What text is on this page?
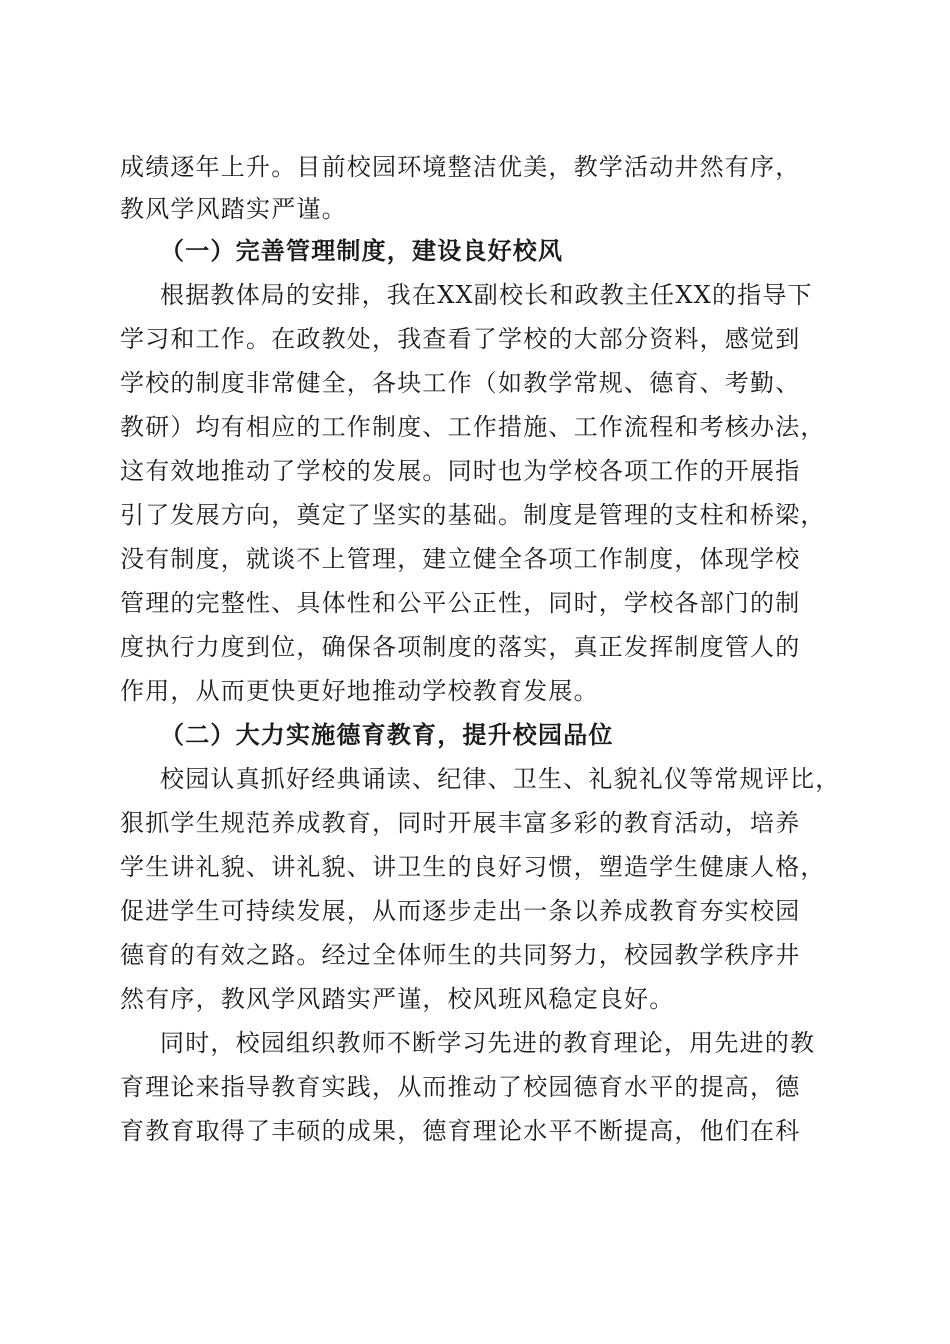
成绩逐年上升。目前校园环境整洁优美，教学活动井然有序，
教风学风踏实严谨。
（一）完善管理制度，建设良好校风
根据教体局的安排，我在XX副校长和政教主任XX的指导下
学习和工作。在政教处，我查看了学校的大部分资料，感觉到
学校的制度非常健全，各块工作（如教学常规、德育、考勤、
教研）均有相应的工作制度、工作措施、工作流程和考核办法，
这有效地推动了学校的发展。同时也为学校各项工作的开展指
引了发展方向，奠定了坚实的基础。制度是管理的支柱和桥梁，
没有制度，就谈不上管理，建立健全各项工作制度，体现学校
管理的完整性、具体性和公平公正性，同时，学校各部门的制
度执行力度到位，确保各项制度的落实，真正发挥制度管人的
作用，从而更快更好地推动学校教育发展。
（二）大力实施德育教育，提升校园品位
校园认真抓好经典诵读、纪律、卫生、礼貌礼仪等常规评比，
狠抓学生规范养成教育，同时开展丰富多彩的教育活动，培养
学生讲礼貌、讲礼貌、讲卫生的良好习惯，塑造学生健康人格，
促进学生可持续发展，从而逐步走出一条以养成教育夯实校园
德育的有效之路。经过全体师生的共同努力，校园教学秩序井
然有序，教风学风踏实严谨，校风班风稳定良好。
同时，校园组织教师不断学习先进的教育理论，用先进的教
育理论来指导教育实践，从而推动了校园德育水平的提高，德
育教育取得了丰硕的成果，德育理论水平不断提高，他们在科
